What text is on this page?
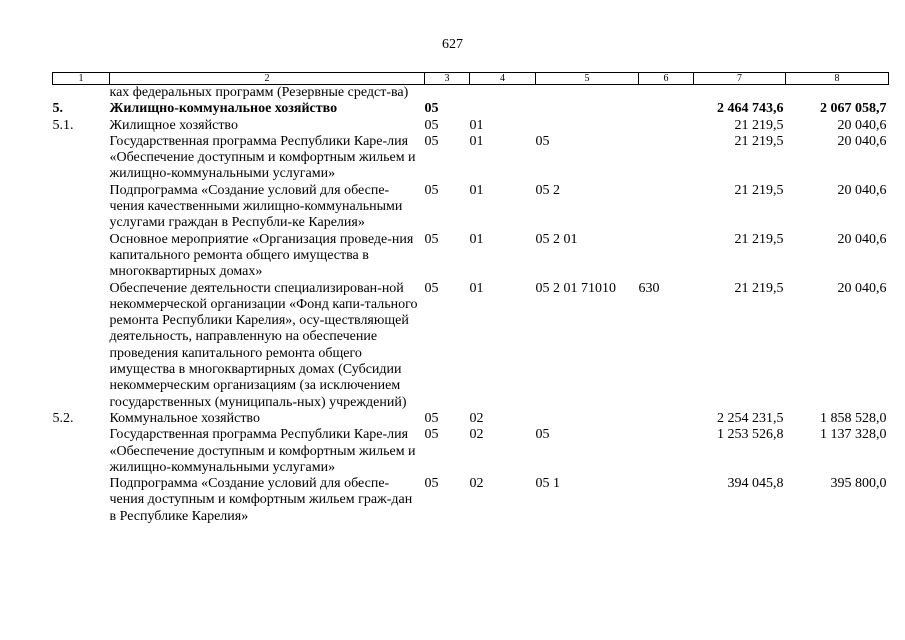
627
1	2	3	4	5	6	7	8
	ках федеральных программ (Резервные средст-ва)						
5.	Жилищно-коммунальное хозяйство	05				2 464 743,6	2 067 058,7
5.1.	Жилищное хозяйство	05	01			21 219,5	20 040,6
	Государственная программа Республики Каре-лия «Обеспечение доступным и комфортным жильем и жилищно-коммунальными услугами»	05	01	05		21 219,5	20 040,6
	Подпрограмма «Создание условий для обеспе-чения качественными жилищно-коммунальными услугами граждан в Республи-ке Карелия»	05	01	05 2		21 219,5	20 040,6
	Основное мероприятие «Организация проведе-ния капитального ремонта общего имущества в многоквартирных домах»	05	01	05 2 01		21 219,5	20 040,6
	Обеспечение деятельности специализирован-ной некоммерческой организации «Фонд капи-тального ремонта Республики Карелия», осу-ществляющей деятельность, направленную на обеспечение проведения капитального ремонта общего имущества в многоквартирных домах (Субсидии некоммерческим организациям (за исключением государственных (муниципаль-ных) учреждений)	05	01	05 2 01 71010	630	21 219,5	20 040,6
5.2.	Коммунальное хозяйство	05	02			2 254 231,5	1 858 528,0
	Государственная программа Республики Каре-лия «Обеспечение доступным и комфортным жильем и жилищно-коммунальными услугами»	05	02	05		1 253 526,8	1 137 328,0
	Подпрограмма «Создание условий для обеспе-чения доступным и комфортным жильем граж-дан в Республике Карелия»	05	02	05 1		394 045,8	395 800,0
